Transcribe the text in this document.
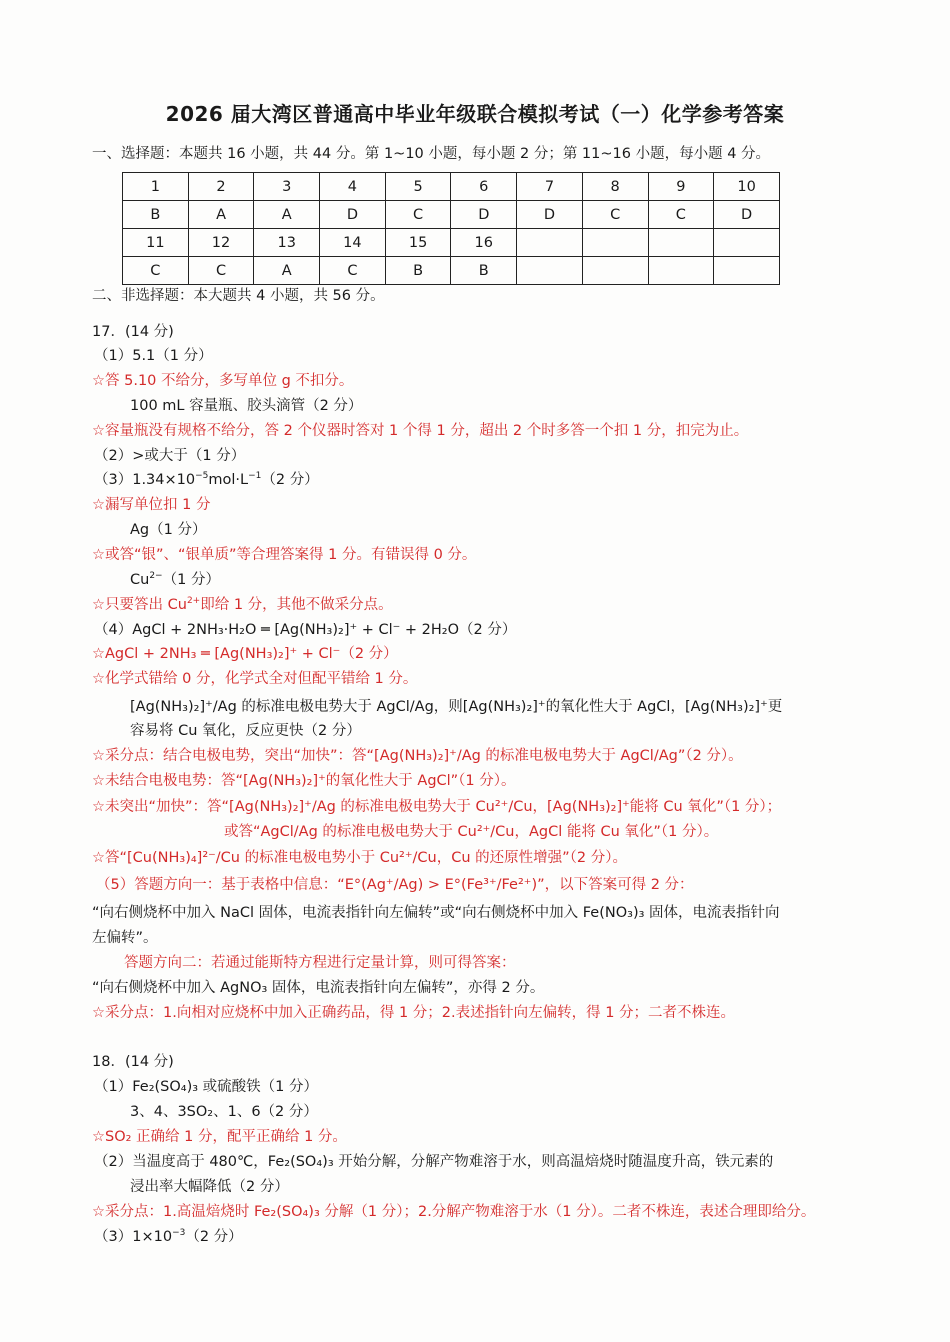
2026 届大湾区普通高中毕业年级联合模拟考试（一）化学参考答案
一、选择题：本题共 16 小题，共 44 分。第 1~10 小题，每小题 2 分；第 11~16 小题，每小题 4 分。
1	2	3	4	5	6	7	8	9	10
B	A	A	D	C	D	D	C	C	D
11	12	13	14	15	16				
C	C	A	C	B	B				
二、非选择题：本大题共 4 小题，共 56 分。
17．(14 分)
（1）5.1（1 分）
☆答 5.10 不给分，多写单位 g 不扣分。
100 mL 容量瓶、胶头滴管（2 分）
☆容量瓶没有规格不给分，答 2 个仪器时答对 1 个得 1 分，超出 2 个时多答一个扣 1 分，扣完为止。
（2）>或大于（1 分）
$(3)1.34\times 10^{-5}mol\cdot L^{-1}(2$ 分）
☆漏写单位扣 1 分
Ag（1 分）
☆或答“银”、“银单质”等合理答案得 1 分。有错误得 0 分。
$Cu^{2-}(1$ 分）
☆只要答出 $Cu^{2+}$即给 1 分，其他不做采分点。
（4）AgCl + 2NH₃·H₂O ═ [Ag(NH₃)₂]⁺ + Cl⁻ + 2H₂O（2 分）
☆AgCl + 2NH₃ ═ [Ag(NH₃)₂]⁺ + Cl⁻（2 分）
☆化学式错给 0 分，化学式全对但配平错给 1 分。
[Ag(NH₃)₂]⁺/Ag 的标准电极电势大于 AgCl/Ag，则[Ag(NH₃)₂]⁺的氧化性大于 AgCl，[Ag(NH₃)₂]⁺更
容易将 Cu 氧化，反应更快（2 分）
☆采分点：结合电极电势，突出“加快”：答“[Ag(NH₃)₂]⁺/Ag 的标准电极电势大于 AgCl/Ag”（2 分）。
☆未结合电极电势：答“[Ag(NH₃)₂]⁺的氧化性大于 AgCl”（1 分）。
☆未突出“加快”：答“[Ag(NH₃)₂]⁺/Ag 的标准电极电势大于 Cu²⁺/Cu，[Ag(NH₃)₂]⁺能将 Cu 氧化”（1 分）；
或答“AgCl/Ag 的标准电极电势大于 Cu²⁺/Cu，AgCl 能将 Cu 氧化”（1 分）。
☆答“[Cu(NH₃)₄]²⁻/Cu 的标准电极电势小于 Cu²⁺/Cu，Cu 的还原性增强”（2 分）。
（5）答题方向一：基于表格中信息：“E°(Ag⁺/Ag) > E°(Fe³⁺/Fe²⁺)”，以下答案可得 2 分：
“向右侧烧杯中加入 NaCl 固体，电流表指针向左偏转”或“向右侧烧杯中加入 Fe(NO₃)₃ 固体，电流表指针向
左偏转”。
答题方向二：若通过能斯特方程进行定量计算，则可得答案：
“向右侧烧杯中加入 AgNO₃ 固体，电流表指针向左偏转”，亦得 2 分。
☆采分点：1.向相对应烧杯中加入正确药品，得 1 分；2.表述指针向左偏转，得 1 分；二者不株连。
18．(14 分)
（1）Fe₂(SO₄)₃ 或硫酸铁（1 分）
3、4、3SO₂、1、6（2 分）
☆SO₂ 正确给 1 分，配平正确给 1 分。
（2）当温度高于 480℃，Fe₂(SO₄)₃ 开始分解，分解产物难溶于水，则高温焙烧时随温度升高，铁元素的
浸出率大幅降低（2 分）
☆采分点：1.高温焙烧时 Fe₂(SO₄)₃ 分解（1 分）；2.分解产物难溶于水（1 分）。二者不株连，表述合理即给分。
$(3)1\times 10^{-3}(2$ 分）
